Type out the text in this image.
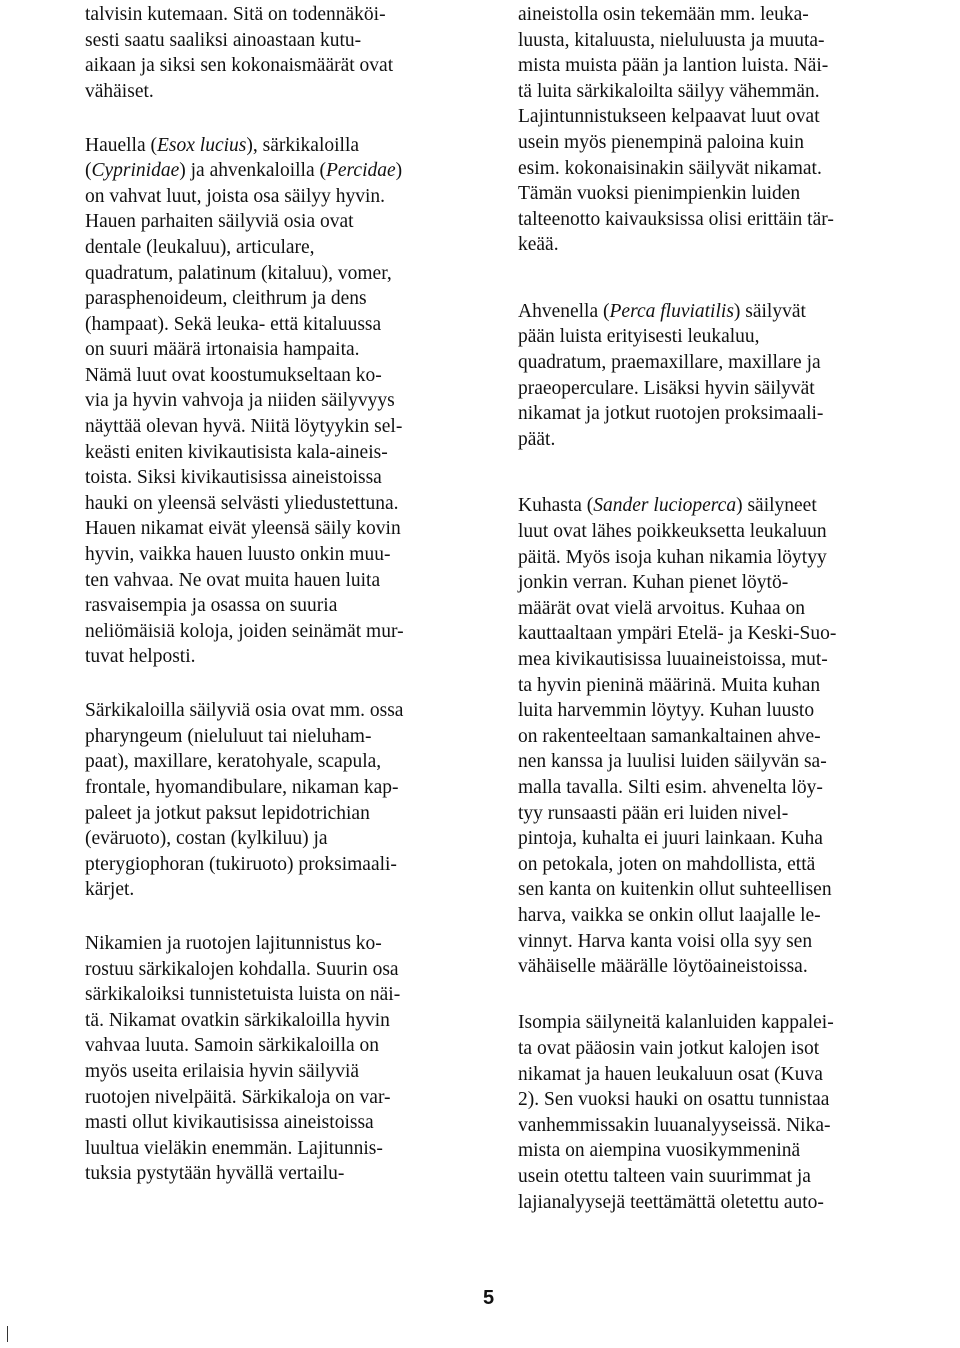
talvisin kutemaan. Sitä on todennäköi-
sesti saatu saaliksi ainoastaan kutu-
aikaan ja siksi sen kokonaismäärät ovat
vähäiset.
Hauella (Esox lucius), särkikaloilla
(Cyprinidae) ja ahvenkaloilla (Percidae)
on vahvat luut, joista osa säilyy hyvin.
Hauen parhaiten säilyviä osia ovat
dentale (leukaluu), articulare,
quadratum, palatinum (kitaluu), vomer,
parasphenoideum, cleithrum ja dens
(hampaat). Sekä leuka- että kitaluussa
on suuri määrä irtonaisia hampaita.
Nämä luut ovat koostumukseltaan ko-
via ja hyvin vahvoja ja niiden säilyvyys
näyttää olevan hyvä. Niitä löytyykin sel-
keästi eniten kivikautisista kala-aineis-
toista. Siksi kivikautisissa aineistoissa
hauki on yleensä selvästi yliedustettuna.
Hauen nikamat eivät yleensä säily kovin
hyvin, vaikka hauen luusto onkin muu-
ten vahvaa. Ne ovat muita hauen luita
rasvaisempia ja osassa on suuria
neliömäisiä koloja, joiden seinämät mur-
tuvat helposti.
Särkikaloilla säilyviä osia ovat mm. ossa
pharyngeum (nieluluut tai nieluham-
paat), maxillare, keratohyale, scapula,
frontale, hyomandibulare, nikaman kap-
paleet ja jotkut paksut lepidotrichian
(eväruoto), costan (kylkiluu) ja
pterygiophoran (tukiruoto) proksimaali-
kärjet.
Nikamien ja ruotojen lajitunnistus ko-
rostuu särkikalojen kohdalla. Suurin osa
särkikaloiksi tunnistetuista luista on näi-
tä. Nikamat ovatkin särkikaloilla hyvin
vahvaa luuta. Samoin särkikaloilla on
myös useita erilaisia hyvin säilyviä
ruotojen nivelpäitä. Särkikaloja on var-
masti ollut kivikautisissa aineistoissa
luultua vieläkin enemmän. Lajitunnis-
tuksia pystytään hyvällä vertailu-
aineistolla osin tekemään mm. leuka-
luusta, kitaluusta, nieluluusta ja muuta-
mista muista pään ja lantion luista. Näi-
tä luita särkikaloilta säilyy vähemmän.
Lajintunnistukseen kelpaavat luut ovat
usein myös pienempinä paloina kuin
esim. kokonaisinakin säilyvät nikamat.
Tämän vuoksi pienimpienkin luiden
talteenotto kaivauksissa olisi erittäin tär-
keää.
Ahvenella (Perca fluviatilis) säilyvät
pään luista erityisesti leukaluu,
quadratum, praemaxillare, maxillare ja
praeoperculare. Lisäksi hyvin säilyvät
nikamat ja jotkut ruotojen proksimaali-
päät.
Kuhasta (Sander lucioperca) säilyneet
luut ovat lähes poikkeuksetta leukaluun
päitä. Myös isoja kuhan nikamia löytyy
jonkin verran. Kuhan pienet löytö-
määrät ovat vielä arvoitus. Kuhaa on
kauttaaltaan ympäri Etelä- ja Keski-Suo-
mea kivikautisissa luuaineistoissa, mut-
ta hyvin pieninä määrinä. Muita kuhan
luita harvemmin löytyy. Kuhan luusto
on rakenteeltaan samankaltainen ahve-
nen kanssa ja luulisi luiden säilyvän sa-
malla tavalla. Silti esim. ahvenelta löy-
tyy runsaasti pään eri luiden nivel-
pintoja, kuhalta ei juuri lainkaan. Kuha
on petokala, joten on mahdollista, että
sen kanta on kuitenkin ollut suhteellisen
harva, vaikka se onkin ollut laajalle le-
vinnyt. Harva kanta voisi olla syy sen
vähäiselle määrälle löytöaineistoissa.
Isompia säilyneitä kalanluiden kappalei-
ta ovat pääosin vain jotkut kalojen isot
nikamat ja hauen leukaluun osat (Kuva
2). Sen vuoksi hauki on osattu tunnistaa
vanhemmissakin luuanalyyseissä. Nika-
mista on aiempina vuosikymmeninä
usein otettu talteen vain suurimmat ja
lajianalyysejä teettämättä oletettu auto-
5
